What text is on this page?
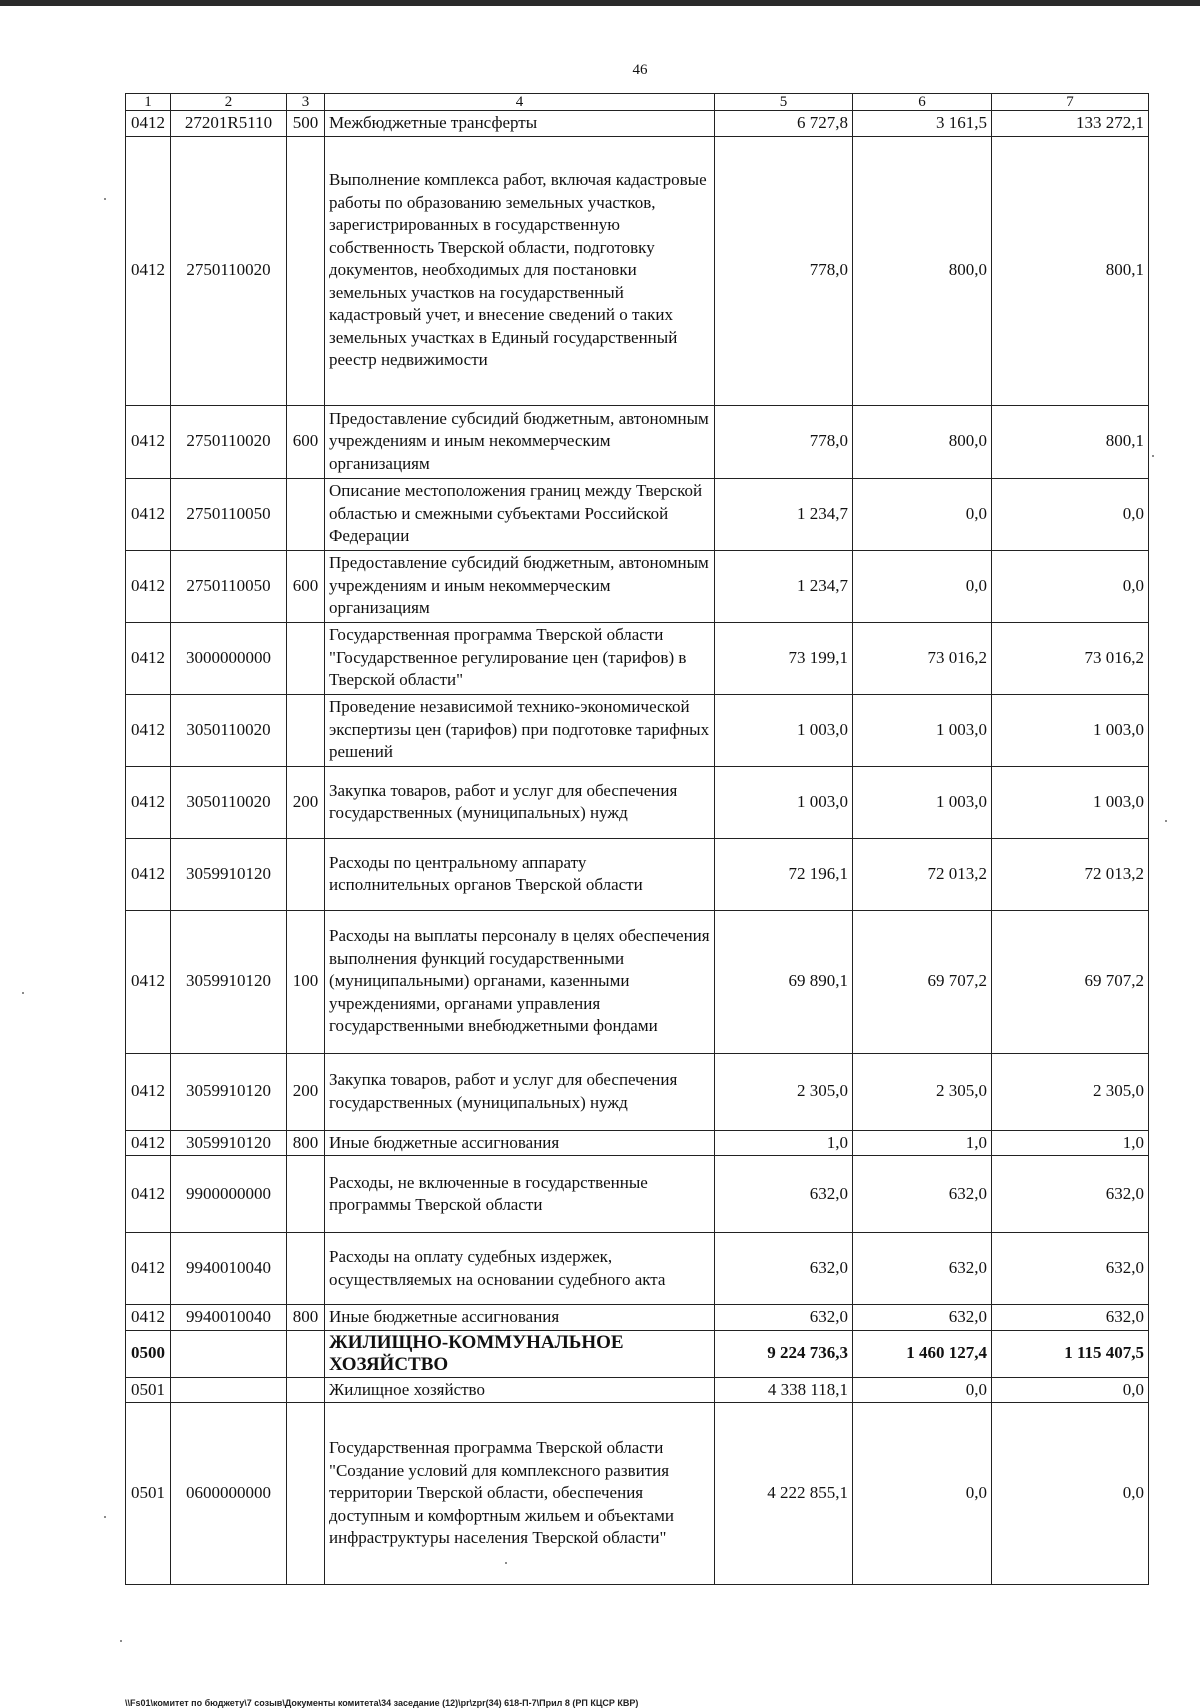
46
1	2	3	4	5	6	7
0412	27201R5110	500	Межбюджетные трансферты	6 727,8	3 161,5	133 272,1
0412	2750110020		Выполнение комплекса работ, включая кадастровые работы по образованию земельных участков, зарегистрированных в государственную собственность Тверской области, подготовку документов, необходимых для постановки земельных участков на государственный кадастровый учет, и внесение сведений о таких земельных участках в Единый государственный реестр недвижимости	778,0	800,0	800,1
0412	2750110020	600	Предоставление субсидий бюджетным, автономным учреждениям и иным некоммерческим организациям	778,0	800,0	800,1
0412	2750110050		Описание местоположения границ между Тверской областью и смежными субъектами Российской Федерации	1 234,7	0,0	0,0
0412	2750110050	600	Предоставление субсидий бюджетным, автономным учреждениям и иным некоммерческим организациям	1 234,7	0,0	0,0
0412	3000000000		Государственная программа Тверской области "Государственное регулирование цен (тарифов) в Тверской области"	73 199,1	73 016,2	73 016,2
0412	3050110020		Проведение независимой технико-экономической экспертизы цен (тарифов) при подготовке тарифных решений	1 003,0	1 003,0	1 003,0
0412	3050110020	200	Закупка товаров, работ и услуг для обеспечения государственных (муниципальных) нужд	1 003,0	1 003,0	1 003,0
0412	3059910120		Расходы по центральному аппарату исполнительных органов Тверской области	72 196,1	72 013,2	72 013,2
0412	3059910120	100	Расходы на выплаты персоналу в целях обеспечения выполнения функций государственными (муниципальными) органами, казенными учреждениями, органами управления государственными внебюджетными фондами	69 890,1	69 707,2	69 707,2
0412	3059910120	200	Закупка товаров, работ и услуг для обеспечения государственных (муниципальных) нужд	2 305,0	2 305,0	2 305,0
0412	3059910120	800	Иные бюджетные ассигнования	1,0	1,0	1,0
0412	9900000000		Расходы, не включенные в государственные программы Тверской области	632,0	632,0	632,0
0412	9940010040		Расходы на оплату судебных издержек, осуществляемых на основании судебного акта	632,0	632,0	632,0
0412	9940010040	800	Иные бюджетные ассигнования	632,0	632,0	632,0
0500			ЖИЛИЩНО-КОММУНАЛЬНОЕ ХОЗЯЙСТВО	9 224 736,3	1 460 127,4	1 115 407,5
0501			Жилищное хозяйство	4 338 118,1	0,0	0,0
0501	0600000000		Государственная программа Тверской области "Создание условий для комплексного развития территории Тверской области, обеспечения доступным и комфортным жильем и объектами инфраструктуры населения Тверской области"	4 222 855,1	0,0	0,0
\\Fs01\комитет по бюджету\7 созыв\Документы комитета\34 заседание (12)\pr\zpr(34) 618-П-7\Прил 8 (РП КЦСР КВР)
